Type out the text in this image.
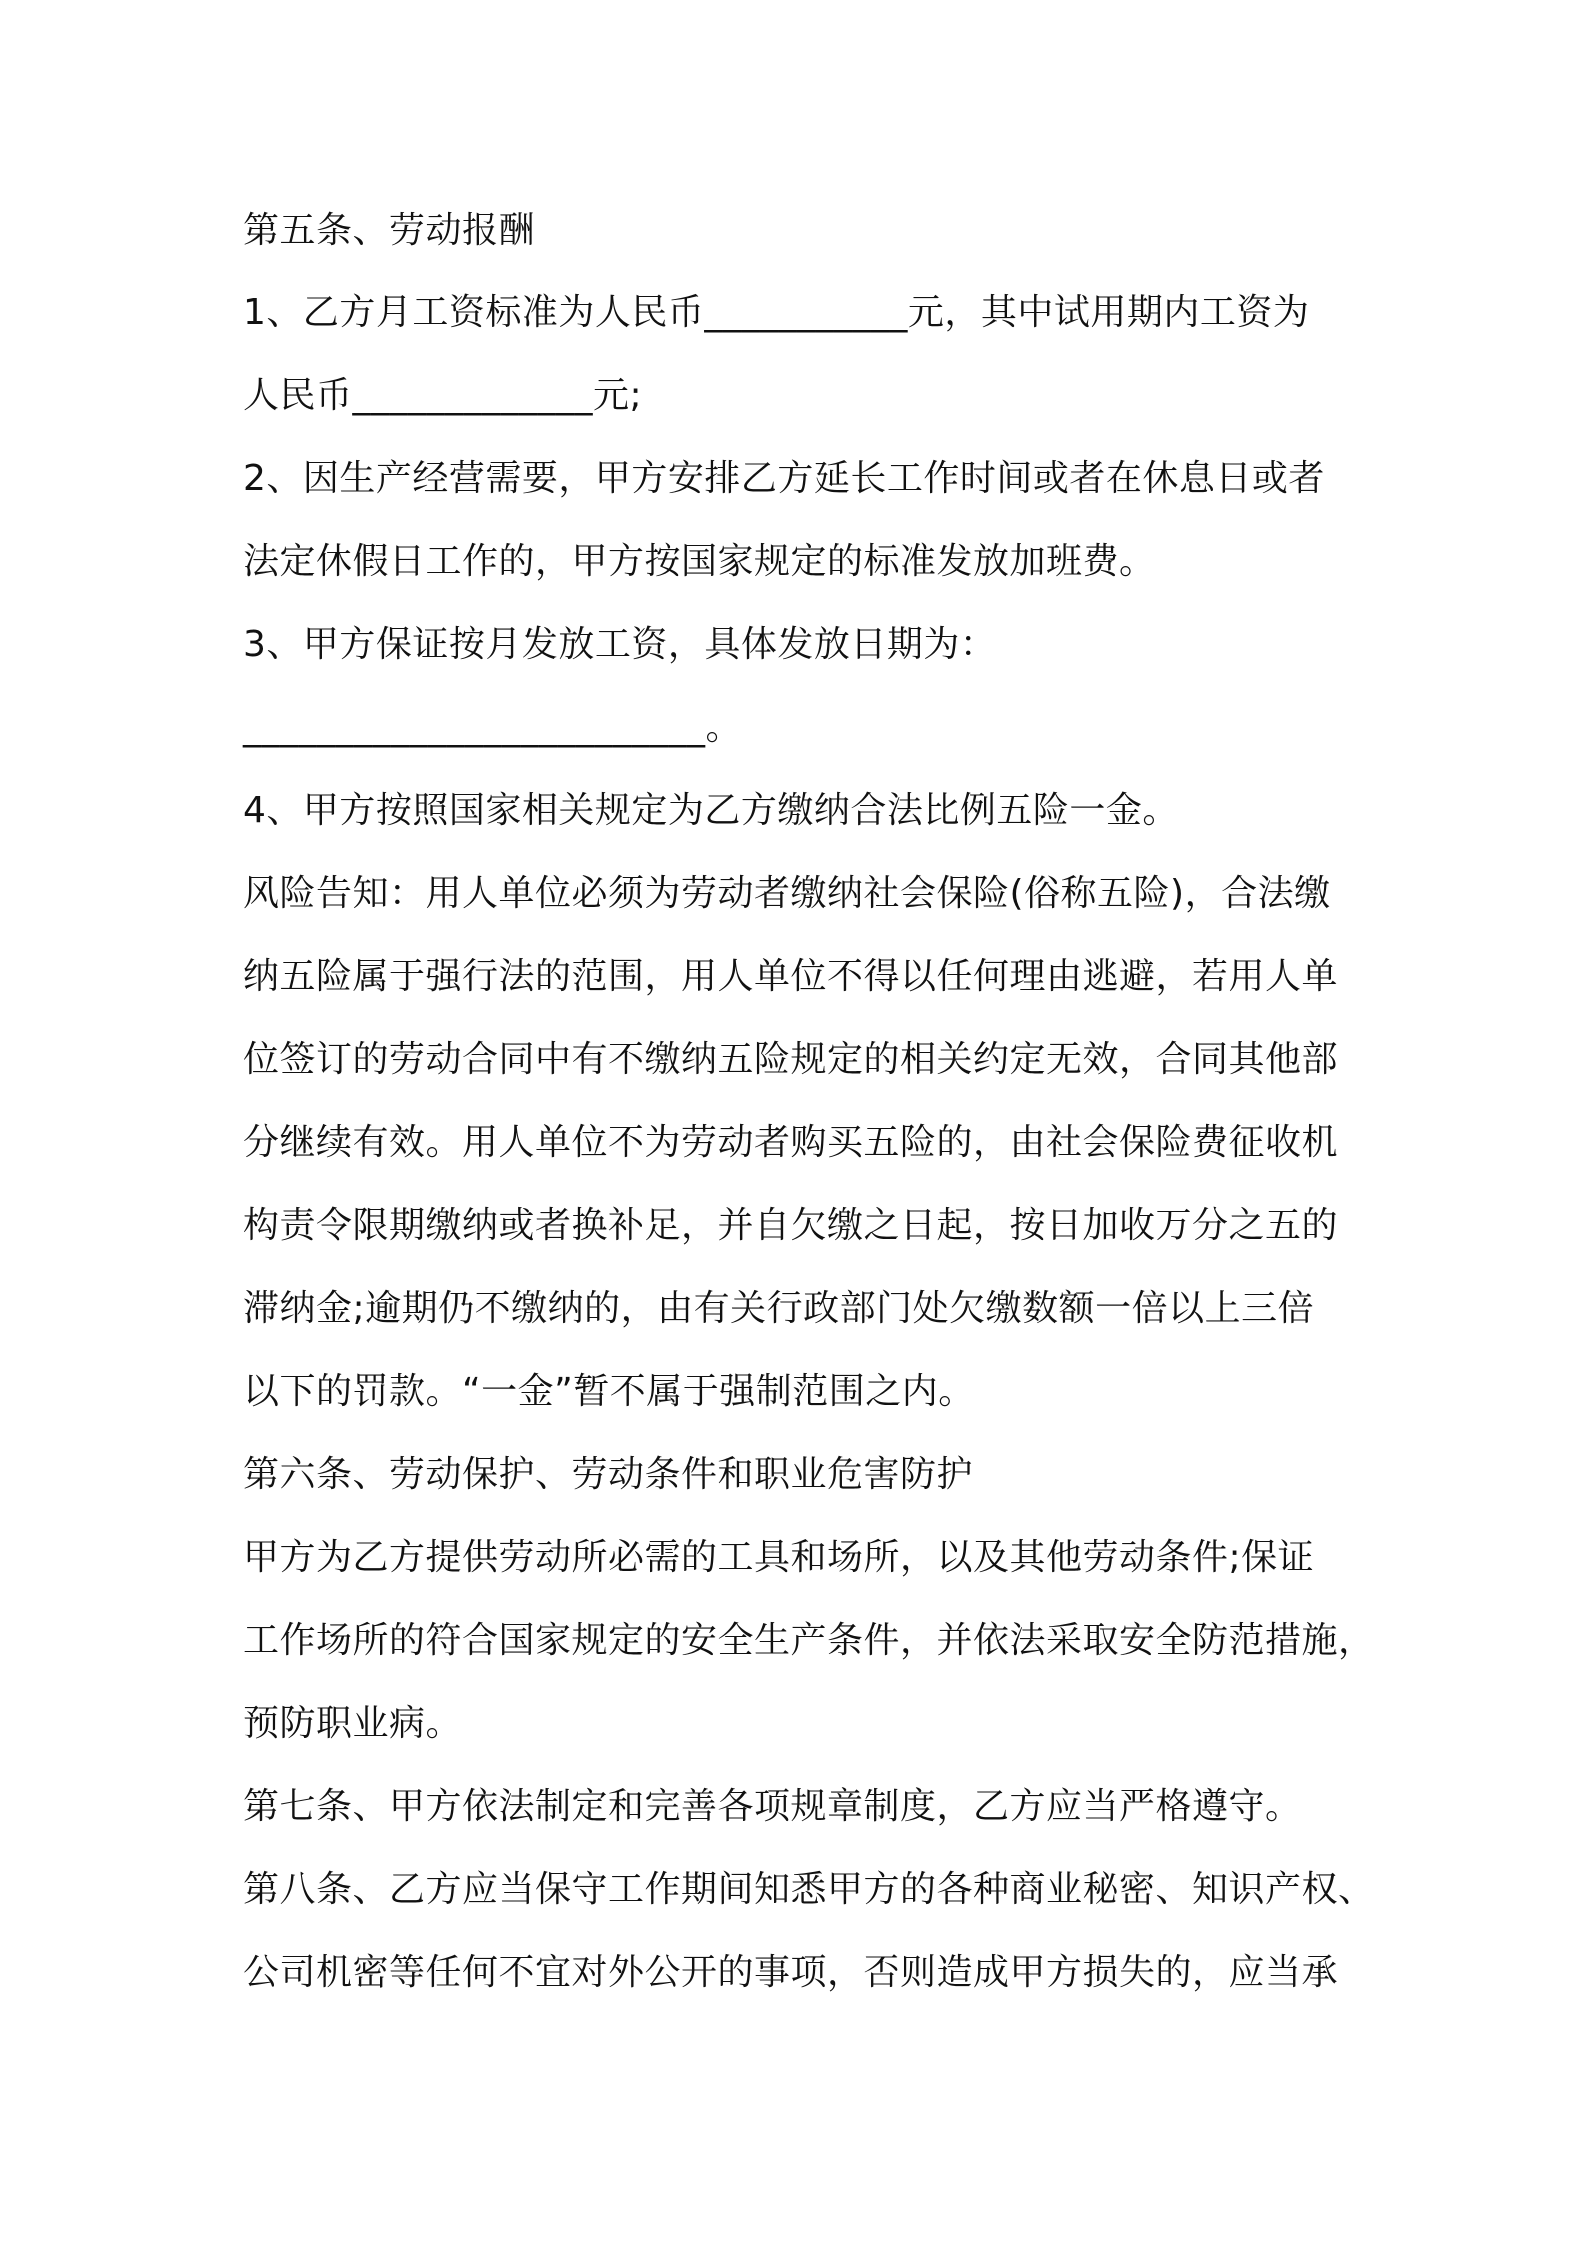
第五条、劳动报酬
1、乙方月工资标准为人民币___________元，其中试用期内工资为
人民币_____________元;
2、因生产经营需要，甲方安排乙方延长工作时间或者在休息日或者
法定休假日工作的，甲方按国家规定的标准发放加班费。
3、甲方保证按月发放工资，具体发放日期为：
_________________________。
4、甲方按照国家相关规定为乙方缴纳合法比例五险一金。
风险告知：用人单位必须为劳动者缴纳社会保险(俗称五险)，合法缴
纳五险属于强行法的范围，用人单位不得以任何理由逃避，若用人单
位签订的劳动合同中有不缴纳五险规定的相关约定无效，合同其他部
分继续有效。用人单位不为劳动者购买五险的，由社会保险费征收机
构责令限期缴纳或者换补足，并自欠缴之日起，按日加收万分之五的
滞纳金;逾期仍不缴纳的，由有关行政部门处欠缴数额一倍以上三倍
以下的罚款。“一金”暂不属于强制范围之内。
第六条、劳动保护、劳动条件和职业危害防护
甲方为乙方提供劳动所必需的工具和场所，以及其他劳动条件;保证
工作场所的符合国家规定的安全生产条件，并依法采取安全防范措施，
预防职业病。
第七条、甲方依法制定和完善各项规章制度，乙方应当严格遵守。
第八条、乙方应当保守工作期间知悉甲方的各种商业秘密、知识产权、
公司机密等任何不宜对外公开的事项，否则造成甲方损失的，应当承
